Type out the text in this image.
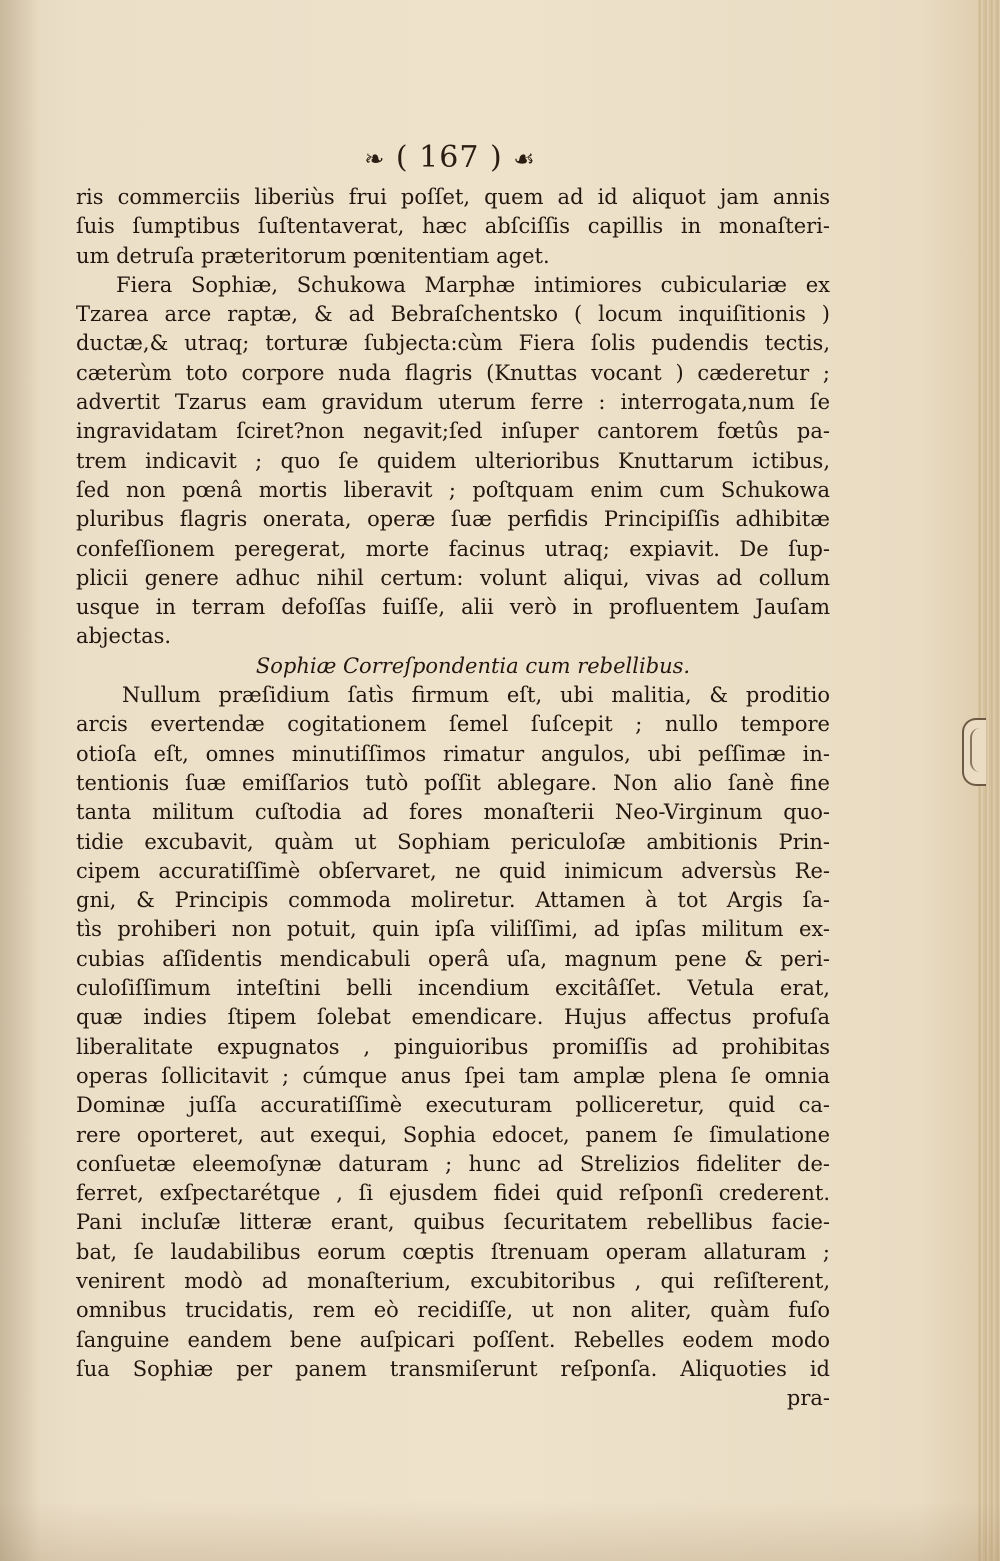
❧ ( 167 ) ☙
ris commerciis liberiùs frui poſſet, quem ad id aliquot jam annis
ſuis ſumptibus ſuſtentaverat, hæc abſciſſis capillis in monaſteri-
um detruſa præteritorum pœnitentiam aget.
Fiera Sophiæ, Schukowa Marphæ intimiores cubiculariæ ex
Tzarea arce raptæ, & ad Bebraſchentsko ( locum inquiſitionis )
ductæ,& utraq; torturæ ſubjecta:cùm Fiera ſolis pudendis tectis,
cæterùm toto corpore nuda flagris (Knuttas vocant ) cæderetur ;
advertit Tzarus eam gravidum uterum ferre : interrogata,num ſe
ingravidatam ſciret?non negavit;ſed inſuper cantorem fœtûs pa-
trem indicavit ; quo ſe quidem ulterioribus Knuttarum ictibus,
ſed non pœnâ mortis liberavit ; poſtquam enim cum Schukowa
pluribus flagris onerata, operæ ſuæ perfidis Principiſſis adhibitæ
confeſſionem peregerat, morte facinus utraq; expiavit. De ſup-
plicii genere adhuc nihil certum: volunt aliqui, vivas ad collum
usque in terram defoſſas fuiſſe, alii verò in profluentem Jauſam
abjectas.
Sophiæ Correſpondentia cum rebellibus.
Nullum præſidium ſatìs firmum eſt, ubi malitia, & proditio
arcis evertendæ cogitationem ſemel ſuſcepit ; nullo tempore
otioſa eſt, omnes minutiſſimos rimatur angulos, ubi peſſimæ in-
tentionis ſuæ emiſſarios tutò poſſit ablegare. Non alio ſanè fine
tanta militum cuſtodia ad fores monaſterii Neo-Virginum quo-
tidie excubavit, quàm ut Sophiam periculoſæ ambitionis Prin-
cipem accuratiſſimè obſervaret, ne quid inimicum adversùs Re-
gni, & Principis commoda moliretur. Attamen à tot Argis ſa-
tìs prohiberi non potuit, quin ipſa viliſſimi, ad ipſas militum ex-
cubias aſſidentis mendicabuli operâ uſa, magnum pene & peri-
culoſiſſimum inteſtini belli incendium excitâſſet. Vetula erat,
quæ indies ſtipem ſolebat emendicare. Hujus affectus profuſa
liberalitate expugnatos , pinguioribus promiſſis ad prohibitas
operas ſollicitavit ; cúmque anus ſpei tam amplæ plena ſe omnia
Dominæ juſſa accuratiſſimè executuram polliceretur, quid ca-
rere oporteret, aut exequi, Sophia edocet, panem ſe ſimulatione
conſuetæ eleemoſynæ daturam ; hunc ad Strelizios fideliter de-
ferret, exſpectarétque , ſi ejusdem fidei quid reſponſi crederent.
Pani incluſæ litteræ erant, quibus ſecuritatem rebellibus facie-
bat, ſe laudabilibus eorum cœptis ſtrenuam operam allaturam ;
venirent modò ad monaſterium, excubitoribus , qui reſiſterent,
omnibus trucidatis, rem eò recidiſſe, ut non aliter, quàm fuſo
ſanguine eandem bene auſpicari poſſent. Rebelles eodem modo
ſua Sophiæ per panem transmiſerunt reſponſa. Aliquoties id
pra-
